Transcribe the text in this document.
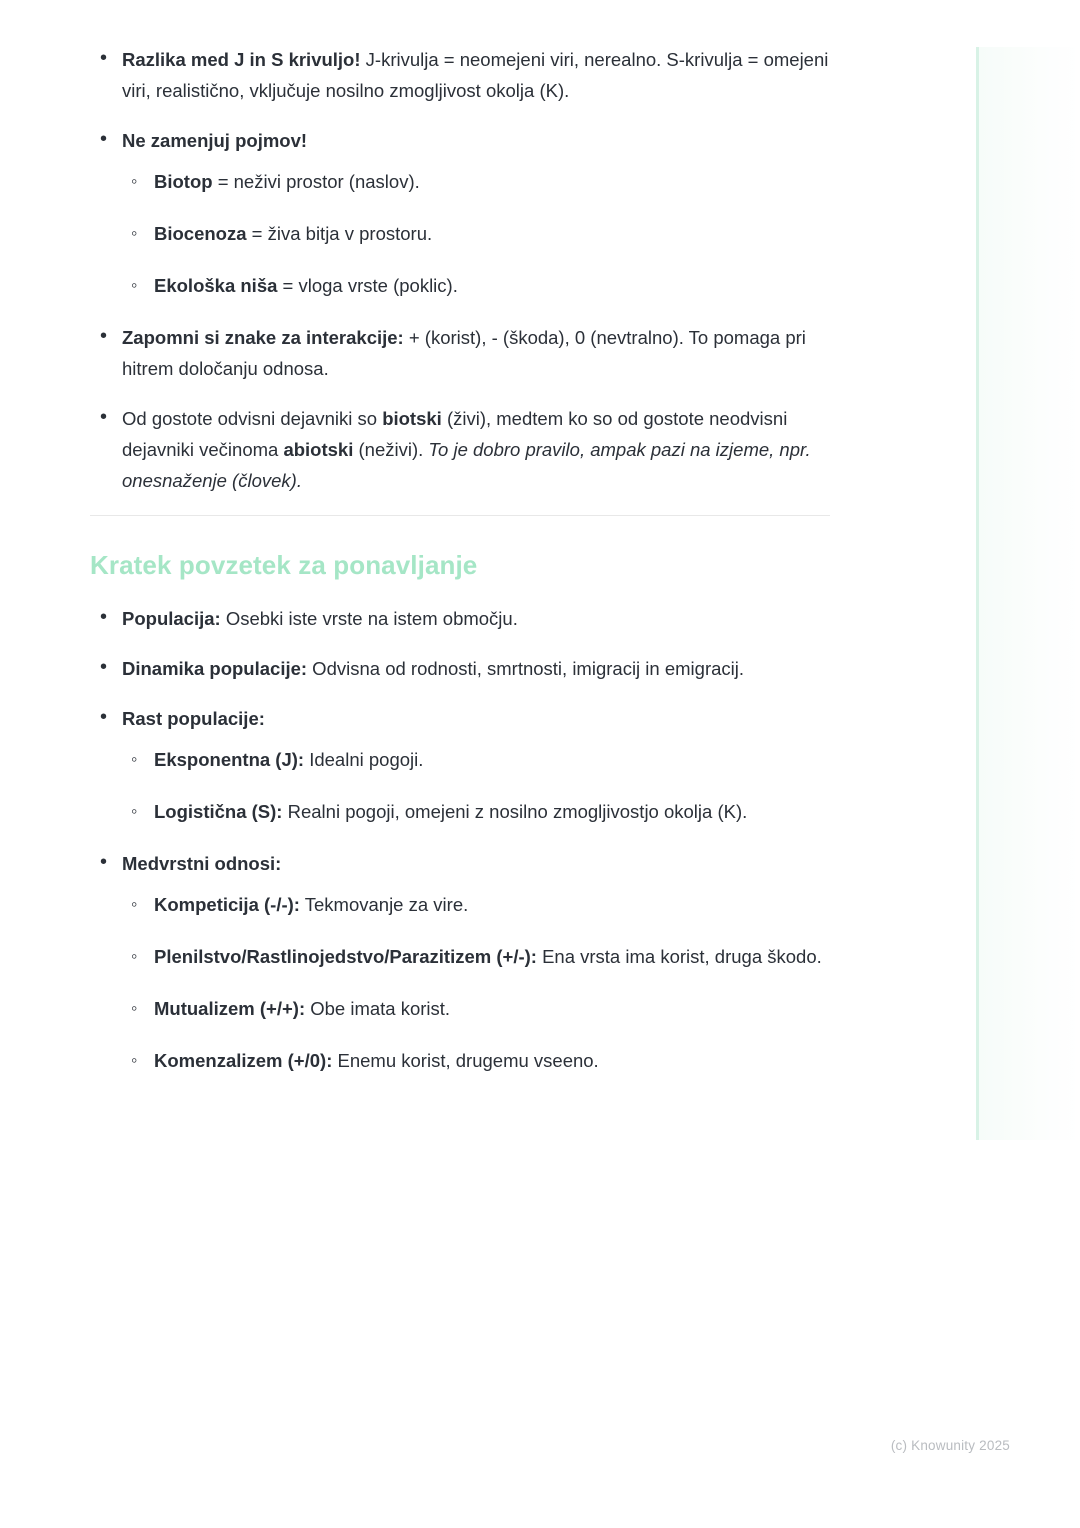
• Razlika med J in S krivuljo! J-krivulja = neomejeni viri, nerealno. S-krivulja = omejeni viri, realistično, vključuje nosilno zmogljivost okolja (K).
• Ne zamenjuj pojmov!
◦ Biotop = neživi prostor (naslov).
◦ Biocenoza = živa bitja v prostoru.
◦ Ekološka niša = vloga vrste (poklic).
• Zapomni si znake za interakcije: + (korist), - (škoda), 0 (nevtralno). To pomaga pri hitrem določanju odnosa.
• Od gostote odvisni dejavniki so biotski (živi), medtem ko so od gostote neodvisni dejavniki večinoma abiotski (neživi). To je dobro pravilo, ampak pazi na izjeme, npr. onesnaženje (človek).
Kratek povzetek za ponavljanje
• Populacija: Osebki iste vrste na istem območju.
• Dinamika populacije: Odvisna od rodnosti, smrtnosti, imigracij in emigracij.
• Rast populacije:
◦ Eksponentna (J): Idealni pogoji.
◦ Logistična (S): Realni pogoji, omejeni z nosilno zmogljivostjo okolja (K).
• Medvrstni odnosi:
◦ Kompeticija (-/-): Tekmovanje za vire.
◦ Plenilstvo/Rastlinojedstvo/Parazitizem (+/-): Ena vrsta ima korist, druga škodo.
◦ Mutualizem (+/+): Obe imata korist.
◦ Komenzalizem (+/0): Enemu korist, drugemu vseeno.
(c) Knowunity 2025
